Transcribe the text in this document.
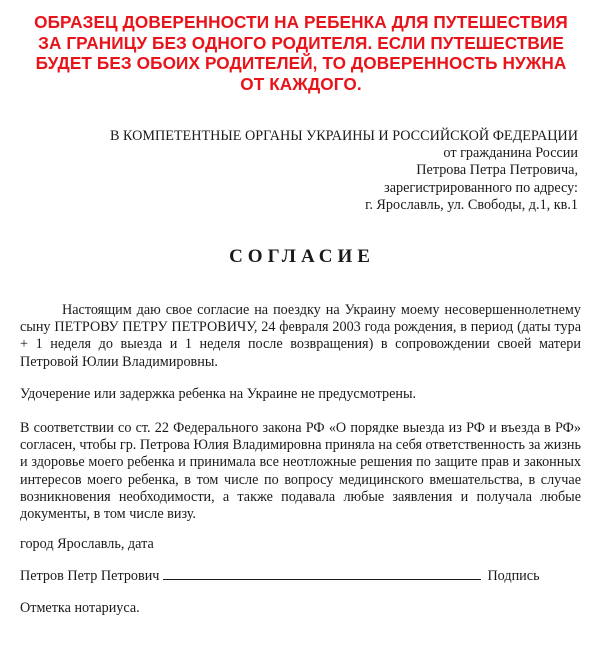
ОБРАЗЕЦ ДОВЕРЕННОСТИ НА РЕБЕНКА ДЛЯ ПУТЕШЕСТВИЯ
ЗА ГРАНИЦУ БЕЗ ОДНОГО РОДИТЕЛЯ. ЕСЛИ ПУТЕШЕСТВИЕ
БУДЕТ БЕЗ ОБОИХ РОДИТЕЛЕЙ, ТО ДОВЕРЕННОСТЬ НУЖНА
ОТ КАЖДОГО.
В КОМПЕТЕНТНЫЕ ОРГАНЫ УКРАИНЫ И РОССИЙСКОЙ ФЕДЕРАЦИИ
от гражданина России
Петрова Петра Петровича,
зарегистрированного по адресу:
г. Ярославль, ул. Свободы, д.1, кв.1
СОГЛАСИЕ
Настоящим даю свое согласие на поездку на Украину моему несовершеннолетнему сыну ПЕТРОВУ ПЕТРУ ПЕТРОВИЧУ, 24 февраля 2003 года рождения, в период (даты тура + 1 неделя до выезда и 1 неделя после возвращения) в сопровождении своей матери Петровой Юлии Владимировны.
Удочерение или задержка ребенка на Украине не предусмотрены.
В соответствии со ст. 22 Федерального закона РФ «О порядке выезда из РФ и въезда в РФ» согласен, чтобы гр. Петрова Юлия Владимировна приняла на себя ответственность за жизнь и здоровье моего ребенка и принимала все неотложные решения по защите прав и законных интересов моего ребенка, в том числе по вопросу медицинского вмешательства, в случае возникновения необходимости, а также подавала любые заявления и получала любые документы, в том числе визу.
город Ярославль, дата
Петров Петр Петрович	Подпись
Отметка нотариуса.
